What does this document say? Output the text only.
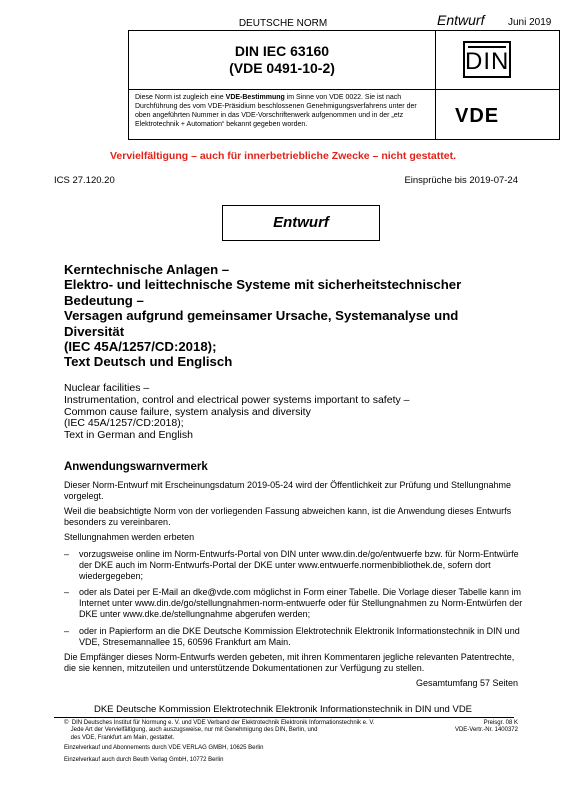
DEUTSCHE NORM	Entwurf Juni 2019
DIN IEC 63160
(VDE 0491-10-2)	DIN
Diese Norm ist zugleich eine VDE-Bestimmung im Sinne von VDE 0022. Sie ist nach Durchführung des vom VDE-Präsidium beschlossenen Genehmigungsverfahrens unter der oben angeführten Nummer in das VDE-Vorschriftenwerk aufgenommen und in der „etz Elektrotechnik + Automation“ bekannt gegeben worden.	VDE
Vervielfältigung – auch für innerbetriebliche Zwecke – nicht gestattet.
ICS 27.120.20	Einsprüche bis 2019-07-24
Entwurf
Kerntechnische Anlagen –
Elektro- und leittechnische Systeme mit sicherheitstechnischer
Bedeutung –
Versagen aufgrund gemeinsamer Ursache, Systemanalyse und
Diversität
(IEC 45A/1257/CD:2018);
Text Deutsch und Englisch
Nuclear facilities –
Instrumentation, control and electrical power systems important to safety –
Common cause failure, system analysis and diversity
(IEC 45A/1257/CD:2018);
Text in German and English
Anwendungswarnvermerk
Dieser Norm-Entwurf mit Erscheinungsdatum 2019-05-24 wird der Öffentlichkeit zur Prüfung und Stellungnahme vorgelegt.
Weil die beabsichtigte Norm von der vorliegenden Fassung abweichen kann, ist die Anwendung dieses Entwurfs besonders zu vereinbaren.
Stellungnahmen werden erbeten
– vorzugsweise online im Norm-Entwurfs-Portal von DIN unter www.din.de/go/entwuerfe bzw. für Norm-Entwürfe der DKE auch im Norm-Entwurfs-Portal der DKE unter www.entwuerfe.normenbibliothek.de, sofern dort wiedergegeben;
– oder als Datei per E-Mail an dke@vde.com möglichst in Form einer Tabelle. Die Vorlage dieser Tabelle kann im Internet unter www.din.de/go/stellungnahmen-norm-entwuerfe oder für Stellungnahmen zu Norm-Entwürfen der DKE unter www.dke.de/stellungnahme abgerufen werden;
– oder in Papierform an die DKE Deutsche Kommission Elektrotechnik Elektronik Informationstechnik in DIN und VDE, Stresemannallee 15, 60596 Frankfurt am Main.
Die Empfänger dieses Norm-Entwurfs werden gebeten, mit ihren Kommentaren jegliche relevanten Patentrechte, die sie kennen, mitzuteilen und unterstützende Dokumentationen zur Verfügung zu stellen.
Gesamtumfang 57 Seiten
DKE Deutsche Kommission Elektrotechnik Elektronik Informationstechnik in DIN und VDE
©  DIN Deutsches Institut für Normung e. V. und VDE Verband der Elektrotechnik Elektronik Informationstechnik e. V.
Jede Art der Vervielfältigung, auch auszugsweise, nur mit Genehmigung des DIN, Berlin, und
des VDE, Frankfurt am Main, gestattet.
Einzelverkauf und Abonnements durch VDE VERLAG GMBH, 10625 Berlin
Einzelverkauf auch durch Beuth Verlag GmbH, 10772 Berlin
Preisgr. 08 K
VDE-Vertr.-Nr. 1400372
